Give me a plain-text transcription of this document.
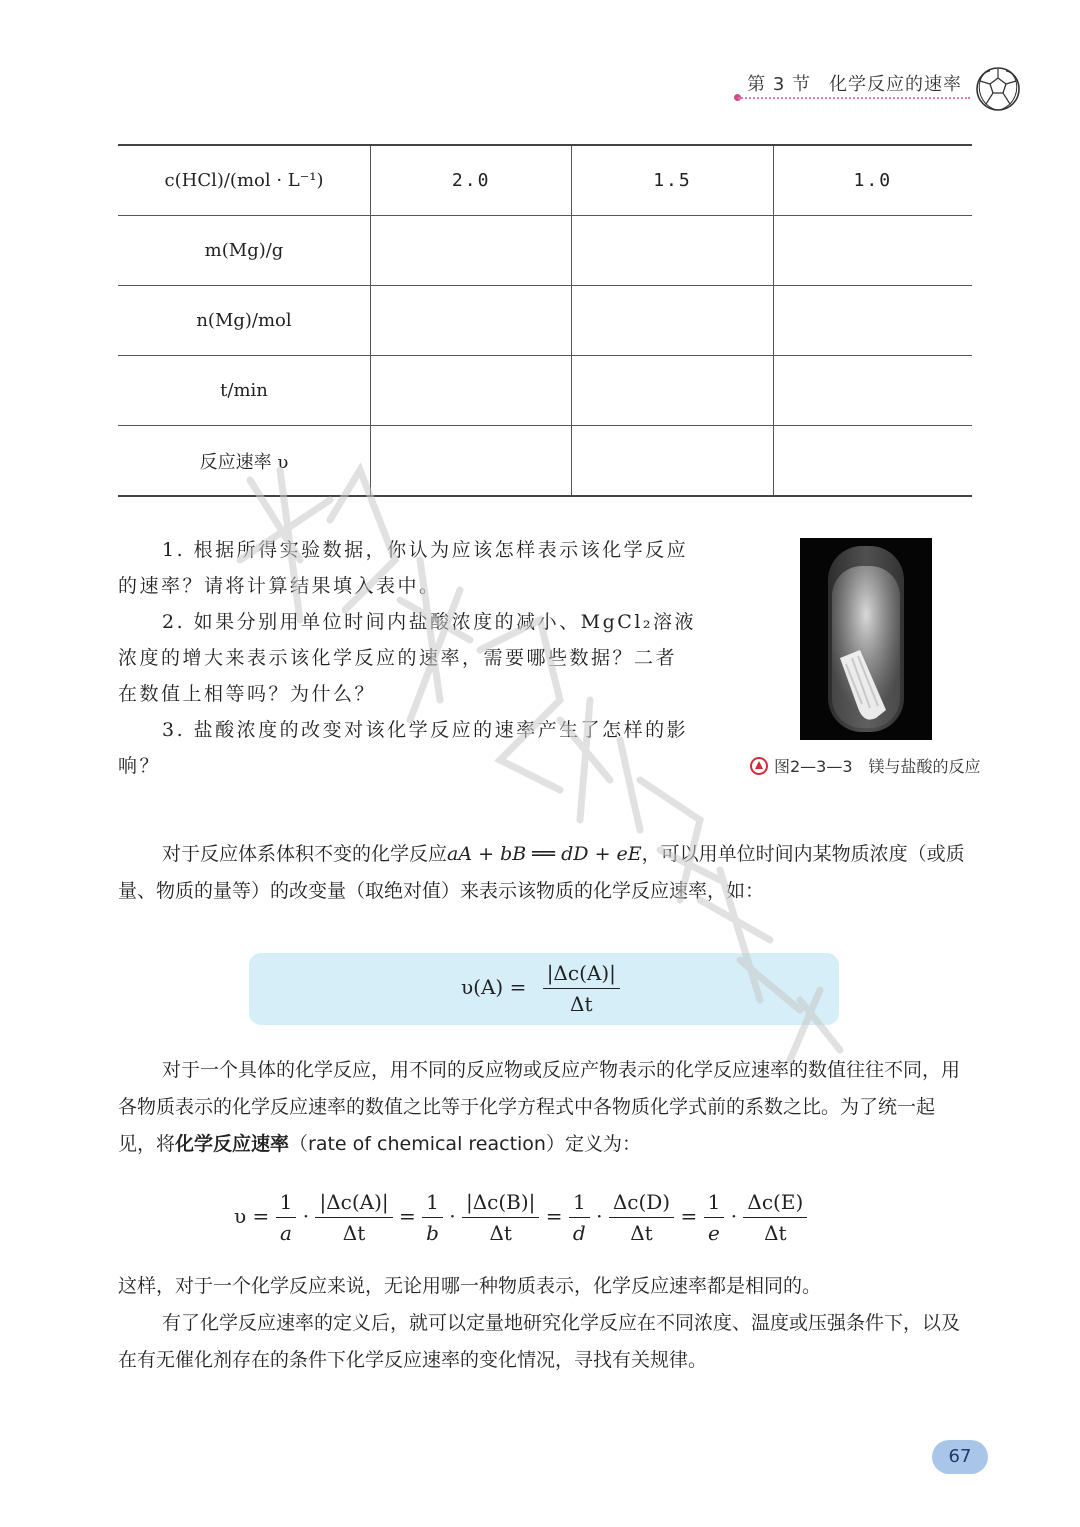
第 3 节 化学反应的速率
c(HCl)/(mol · L⁻¹)	2.0	1.5	1.0
m(Mg)/g			
n(Mg)/mol			
t/min			
反应速率 υ			

1. 根据所得实验数据，你认为应该怎样表示该化学反应的速率？请将计算结果填入表中。

2. 如果分别用单位时间内盐酸浓度的减小、MgCl₂溶液浓度的增大来表示该化学反应的速率，需要哪些数据？二者在数值上相等吗？为什么？

3. 盐酸浓度的改变对该化学反应的速率产生了怎样的影响？	图2—3—3　镁与盐酸的反应

对于反应体系体积不变的化学反应aA + bB ══ dD + eE，可以用单位时间内某物质浓度（或质量、物质的量等）的改变量（取绝对值）来表示该物质的化学反应速率，如：

$\upsilon(A) = \frac{|\Delta c(A)|}{\Delta t}$

对于一个具体的化学反应，用不同的反应物或反应产物表示的化学反应速率的数值往往不同，用各物质表示的化学反应速率的数值之比等于化学方程式中各物质化学式前的系数之比。为了统一起见，将化学反应速率（rate of chemical reaction）定义为：

$\upsilon = \frac{1}{a} \cdot \frac{|\Delta c(A)|}{\Delta t} = \frac{1}{b} \cdot \frac{|\Delta c(B)|}{\Delta t} = \frac{1}{d} \cdot \frac{\Delta c(D)}{\Delta t} = \frac{1}{e} \cdot \frac{\Delta c(E)}{\Delta t}$

这样，对于一个化学反应来说，无论用哪一种物质表示，化学反应速率都是相同的。

有了化学反应速率的定义后，就可以定量地研究化学反应在不同浓度、温度或压强条件下，以及在有无催化剂存在的条件下化学反应速率的变化情况，寻找有关规律。

67
